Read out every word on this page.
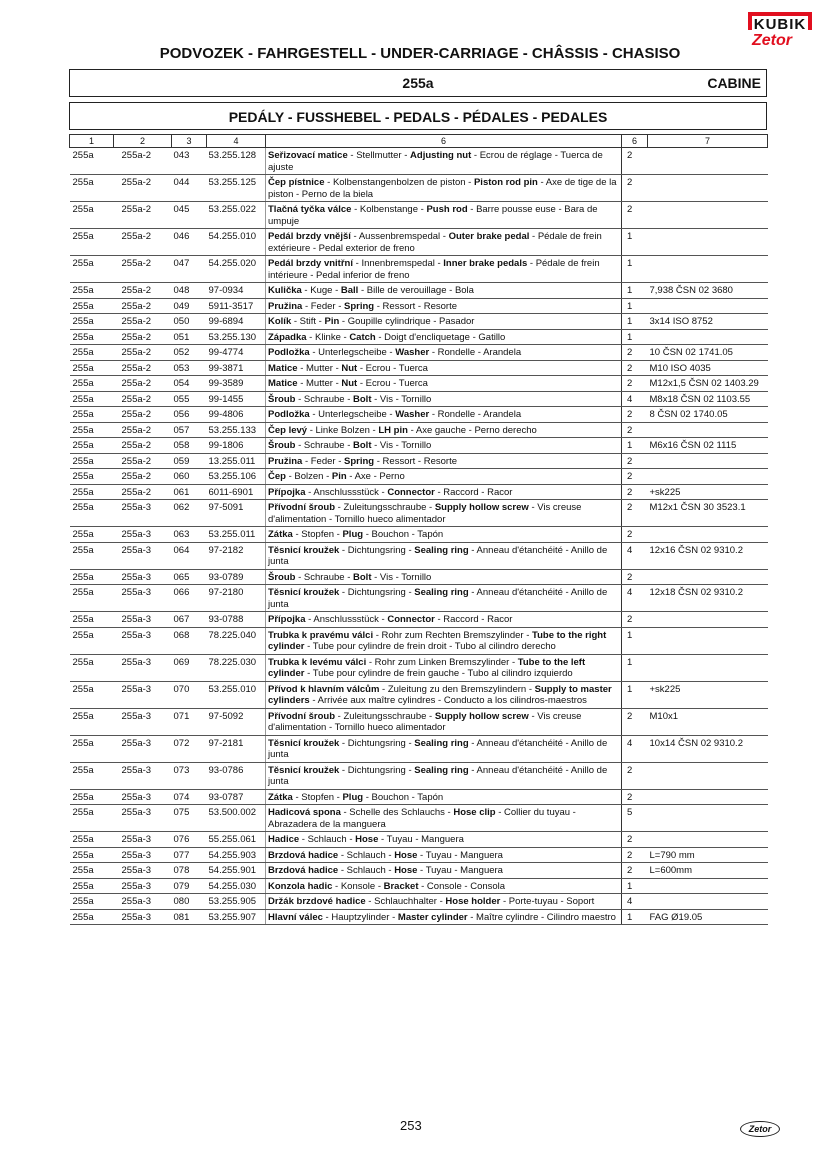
KUBIK
Zetor
PODVOZEK - FAHRGESTELL - UNDER-CARRIAGE - CHÂSSIS - CHASISO
255a	CABINE
PEDÁLY - FUSSHEBEL - PEDALS - PÉDALES - PEDALES
1	2	3	4	6	6	7
255a	255a-2	043	53.255.128	Seřizovací matice - Stellmutter - Adjusting nut - Ecrou de réglage - Tuerca de ajuste	2	
255a	255a-2	044	53.255.125	Čep pístnice - Kolbenstangenbolzen de piston - Piston rod pin - Axe de tige de la piston - Perno de la biela	2	
255a	255a-2	045	53.255.022	Tlačná tyčka válce - Kolbenstange - Push rod - Barre pousse euse - Bara de umpuje	2	
255a	255a-2	046	54.255.010	Pedál brzdy vnější - Aussenbremspedal - Outer brake pedal - Pédale de frein extérieure - Pedal exterior de freno	1	
255a	255a-2	047	54.255.020	Pedál brzdy vnitřní - Innenbremspedal - Inner brake pedals - Pédale de frein intérieure - Pedal inferior de freno	1	
255a	255a-2	048	97-0934	Kulička - Kuge - Ball - Bille de verouillage - Bola	1	7,938 ČSN 02 3680
255a	255a-2	049	5911-3517	Pružina - Feder - Spring - Ressort - Resorte	1	
255a	255a-2	050	99-6894	Kolík - Stift - Pin - Goupille cylindrique - Pasador	1	3x14 ISO 8752
255a	255a-2	051	53.255.130	Západka - Klinke - Catch - Doigt d'encliquetage - Gatillo	1	
255a	255a-2	052	99-4774	Podložka - Unterlegscheibe - Washer - Rondelle - Arandela	2	10 ČSN 02 1741.05
255a	255a-2	053	99-3871	Matice - Mutter - Nut - Ecrou - Tuerca	2	M10 ISO 4035
255a	255a-2	054	99-3589	Matice - Mutter - Nut - Ecrou - Tuerca	2	M12x1,5 ČSN 02 1403.29
255a	255a-2	055	99-1455	Šroub - Schraube - Bolt - Vis - Tornillo	4	M8x18 ČSN 02 1103.55
255a	255a-2	056	99-4806	Podložka - Unterlegscheibe - Washer - Rondelle - Arandela	2	8 ČSN 02 1740.05
255a	255a-2	057	53.255.133	Čep levý - Linke Bolzen - LH pin - Axe gauche - Perno derecho	2	
255a	255a-2	058	99-1806	Šroub - Schraube - Bolt - Vis - Tornillo	1	M6x16 ČSN 02 1115
255a	255a-2	059	13.255.011	Pružina - Feder - Spring - Ressort - Resorte	2	
255a	255a-2	060	53.255.106	Čep - Bolzen - Pin - Axe - Perno	2	
255a	255a-2	061	6011-6901	Přípojka - Anschlussstück - Connector - Raccord - Racor	2	+sk225
255a	255a-3	062	97-5091	Přívodní šroub - Zuleitungsschraube - Supply hollow screw - Vis creuse d'alimentation - Tornillo hueco alimentador	2	M12x1 ČSN 30 3523.1
255a	255a-3	063	53.255.011	Zátka - Stopfen - Plug - Bouchon - Tapón	2	
255a	255a-3	064	97-2182	Těsnicí kroužek - Dichtungsring - Sealing ring - Anneau d'étanchéité - Anillo de junta	4	12x16 ČSN 02 9310.2
255a	255a-3	065	93-0789	Šroub - Schraube - Bolt - Vis - Tornillo	2	
255a	255a-3	066	97-2180	Těsnicí kroužek - Dichtungsring - Sealing ring - Anneau d'étanchéité - Anillo de junta	4	12x18 ČSN 02 9310.2
255a	255a-3	067	93-0788	Přípojka - Anschlussstück - Connector - Raccord - Racor	2	
255a	255a-3	068	78.225.040	Trubka k pravému válci - Rohr zum Rechten Bremszylinder - Tube to the right cylinder - Tube pour cylindre de frein droit - Tubo al cilindro derecho	1	
255a	255a-3	069	78.225.030	Trubka k levému válci - Rohr zum Linken Bremszylinder - Tube to the left cylinder - Tube pour cylindre de frein gauche - Tubo al cilindro izquierdo	1	
255a	255a-3	070	53.255.010	Přívod k hlavním válcům - Zuleitung zu den Bremszylindern - Supply to master cylinders - Arrivée aux maître cylindres - Conducto a los cilindros-maestros	1	+sk225
255a	255a-3	071	97-5092	Přívodní šroub - Zuleitungsschraube - Supply hollow screw - Vis creuse d'alimentation - Tornillo hueco alimentador	2	M10x1
255a	255a-3	072	97-2181	Těsnicí kroužek - Dichtungsring - Sealing ring - Anneau d'étanchéité - Anillo de junta	4	10x14 ČSN 02 9310.2
255a	255a-3	073	93-0786	Těsnicí kroužek - Dichtungsring - Sealing ring - Anneau d'étanchéité - Anillo de junta	2	
255a	255a-3	074	93-0787	Zátka - Stopfen - Plug - Bouchon - Tapón	2	
255a	255a-3	075	53.500.002	Hadicová spona - Schelle des Schlauchs - Hose clip - Collier du tuyau - Abrazadera de la manguera	5	
255a	255a-3	076	55.255.061	Hadice - Schlauch - Hose - Tuyau - Manguera	2	
255a	255a-3	077	54.255.903	Brzdová hadice - Schlauch - Hose - Tuyau - Manguera	2	L=790 mm
255a	255a-3	078	54.255.901	Brzdová hadice - Schlauch - Hose - Tuyau - Manguera	2	L=600mm
255a	255a-3	079	54.255.030	Konzola hadic - Konsole - Bracket - Console - Consola	1	
255a	255a-3	080	53.255.905	Držák brzdové hadice - Schlauchhalter - Hose holder - Porte-tuyau - Soport	4	
255a	255a-3	081	53.255.907	Hlavní válec - Hauptzylinder - Master cylinder - Maître cylindre - Cilindro maestro	1	FAG Ø19.05
253	Zetor
